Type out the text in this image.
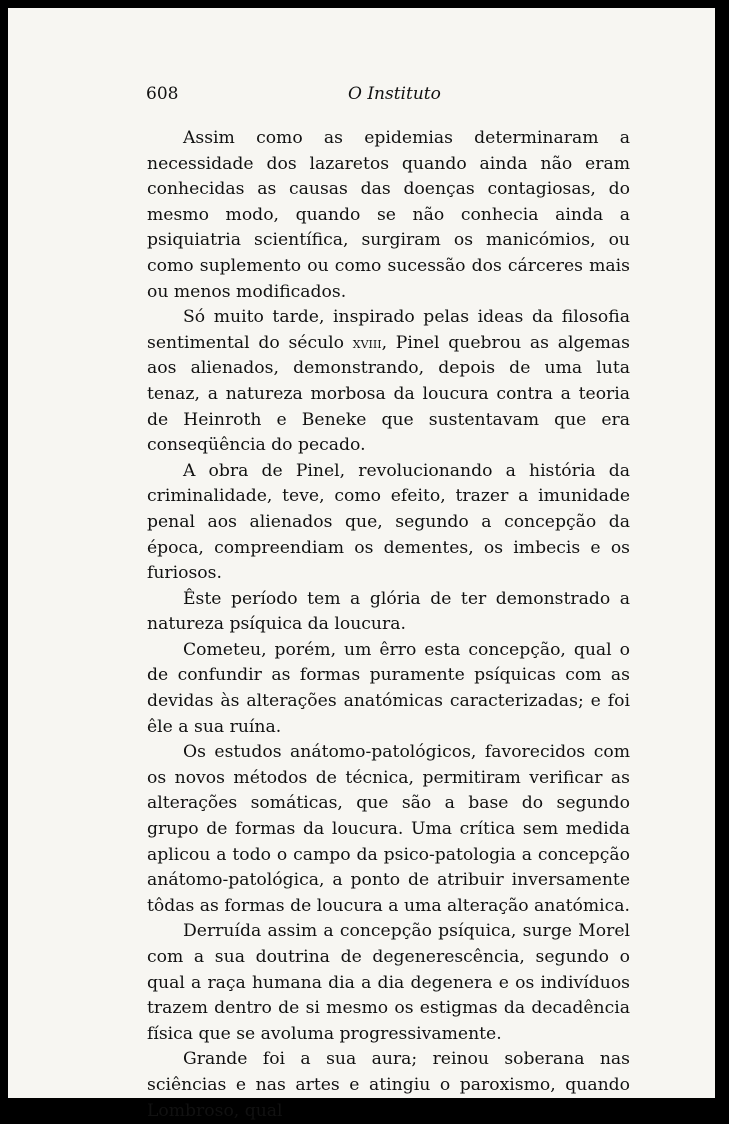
608	O Instituto

Assim como as epidemias determinaram a necessidade dos lazaretos quando ainda não eram conhecidas as causas das doenças contagiosas, do mesmo modo, quando se não conhecia ainda a psiquiatria scientífica, surgiram os manicómios, ou como suplemento ou como sucessão dos cárceres mais ou menos modificados.

Só muito tarde, inspirado pelas ideas da filosofia sentimental do século xviii, Pinel quebrou as algemas aos alienados, demonstrando, depois de uma luta tenaz, a natureza morbosa da loucura contra a teoria de Heinroth e Beneke que sustentavam que era conseqüência do pecado.

A obra de Pinel, revolucionando a história da criminalidade, teve, como efeito, trazer a imunidade penal aos alienados que, segundo a concepção da época, compreendiam os dementes, os imbecis e os furiosos.

Êste período tem a glória de ter demonstrado a natureza psíquica da loucura.

Cometeu, porém, um êrro esta concepção, qual o de confundir as formas puramente psíquicas com as devidas às alterações anatómicas caracterizadas; e foi êle a sua ruína.

Os estudos anátomo-patológicos, favorecidos com os novos métodos de técnica, permitiram verificar as alterações somáticas, que são a base do segundo grupo de formas da loucura. Uma crítica sem medida aplicou a todo o campo da psico-patologia a concepção anátomo-patológica, a ponto de atribuir inversamente tôdas as formas de loucura a uma alteração anatómica.

Derruída assim a concepção psíquica, surge Morel com a sua doutrina de degenerescência, segundo o qual a raça humana dia a dia degenera e os indivíduos trazem dentro de si mesmo os estigmas da decadência física que se avoluma progressivamente.

Grande foi a sua aura; reinou soberana nas sciências e nas artes e atingiu o paroxismo, quando Lombroso, qual
